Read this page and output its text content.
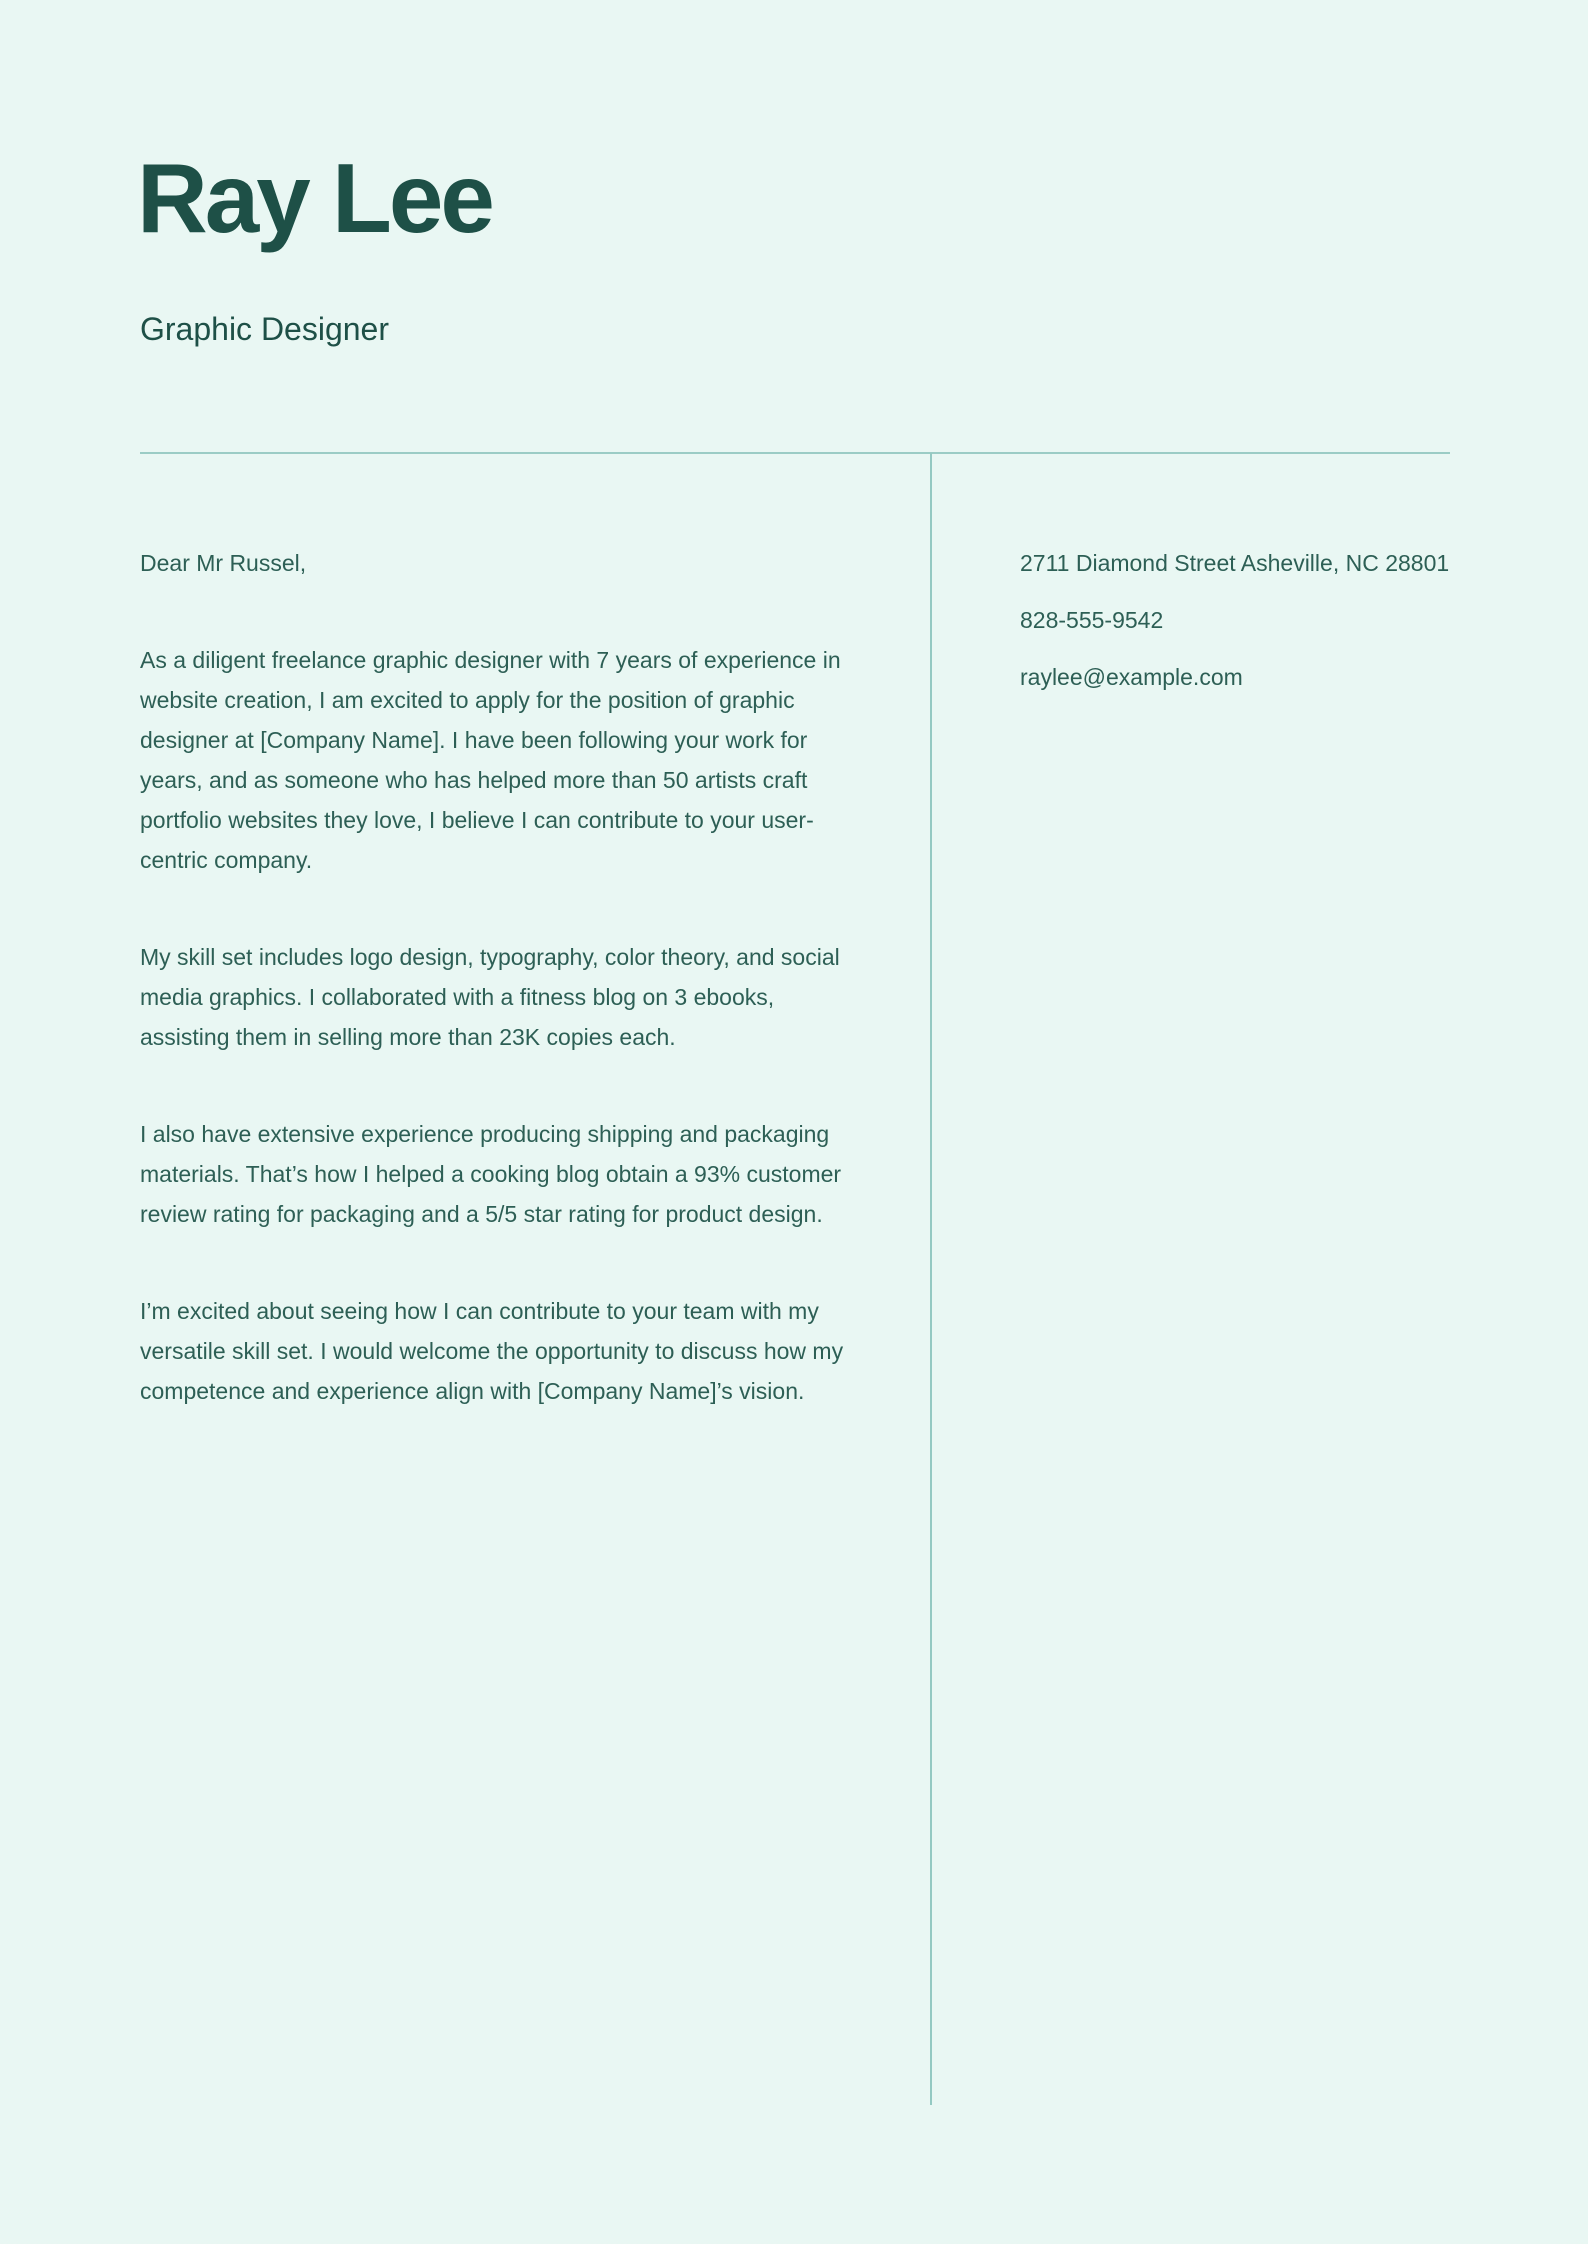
Ray Lee
Graphic Designer

Dear Mr Russel,

As a diligent freelance graphic designer with 7 years of experience in website creation, I am excited to apply for the position of graphic designer at [Company Name]. I have been following your work for years, and as someone who has helped more than 50 artists craft portfolio websites they love, I believe I can contribute to your user-centric company.

My skill set includes logo design, typography, color theory, and social media graphics. I collaborated with a fitness blog on 3 ebooks, assisting them in selling more than 23K copies each.

I also have extensive experience producing shipping and packaging materials. That’s how I helped a cooking blog obtain a 93% customer review rating for packaging and a 5/5 star rating for product design.

I’m excited about seeing how I can contribute to your team with my versatile skill set. I would welcome the opportunity to discuss how my competence and experience align with [Company Name]’s vision.

2711 Diamond Street Asheville, NC 28801

828-555-9542

raylee@example.com
